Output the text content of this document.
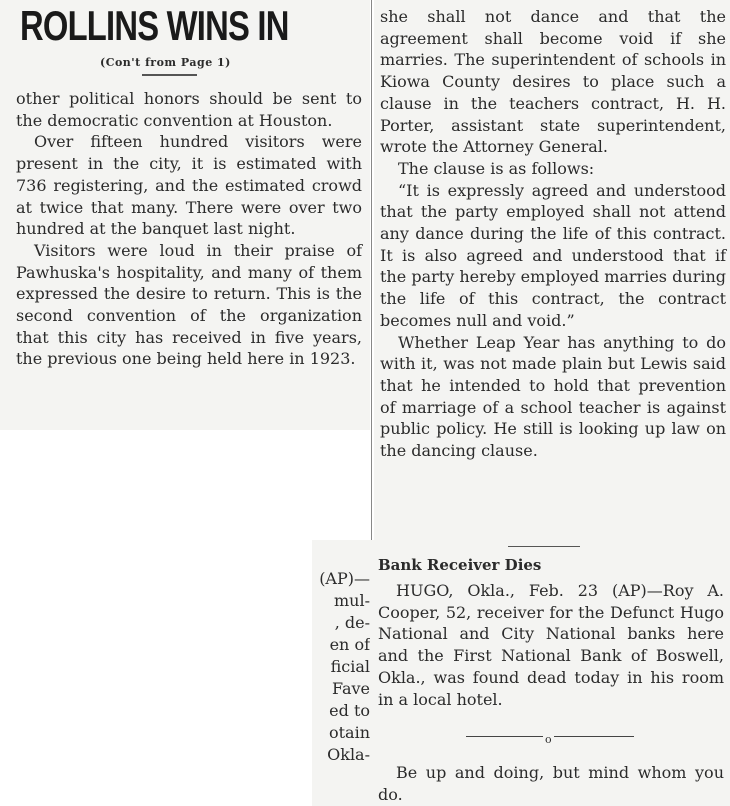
ROLLINS WINS IN
(Con't from Page 1)

other political honors should be sent to the democratic convention at Houston.

Over fifteen hundred visitors were present in the city, it is estimated with 736 registering, and the estimated crowd at twice that many. There were over two hundred at the banquet last night.

Visitors were loud in their praise of Pawhuska's hospitality, and many of them expressed the desire to return. This is the second convention of the organization that this city has received in five years, the previous one being held here in 1923.

she shall not dance and that the agreement shall become void if she marries. The superintendent of schools in Kiowa County desires to place such a clause in the teachers contract, H. H. Porter, assistant state superintendent, wrote the Attorney General.

The clause is as follows:

“It is expressly agreed and understood that the party employed shall not attend any dance during the life of this contract. It is also agreed and understood that if the party hereby employed marries during the life of this contract, the contract becomes null and void.”

Whether Leap Year has anything to do with it, was not made plain but Lewis said that he intended to hold that prevention of marriage of a school teacher is against public policy. He still is looking up law on the dancing clause.

(AP)—
mul-
, de-
en of
ficial
Fave
ed to
otain
Okla-
Bank Receiver Dies

HUGO, Okla., Feb. 23 (AP)—Roy A. Cooper, 52, receiver for the Defunct Hugo National and City National banks here and the First National Bank of Boswell, Okla., was found dead today in his room in a local hotel.

o

Be up and doing, but mind whom you do.
